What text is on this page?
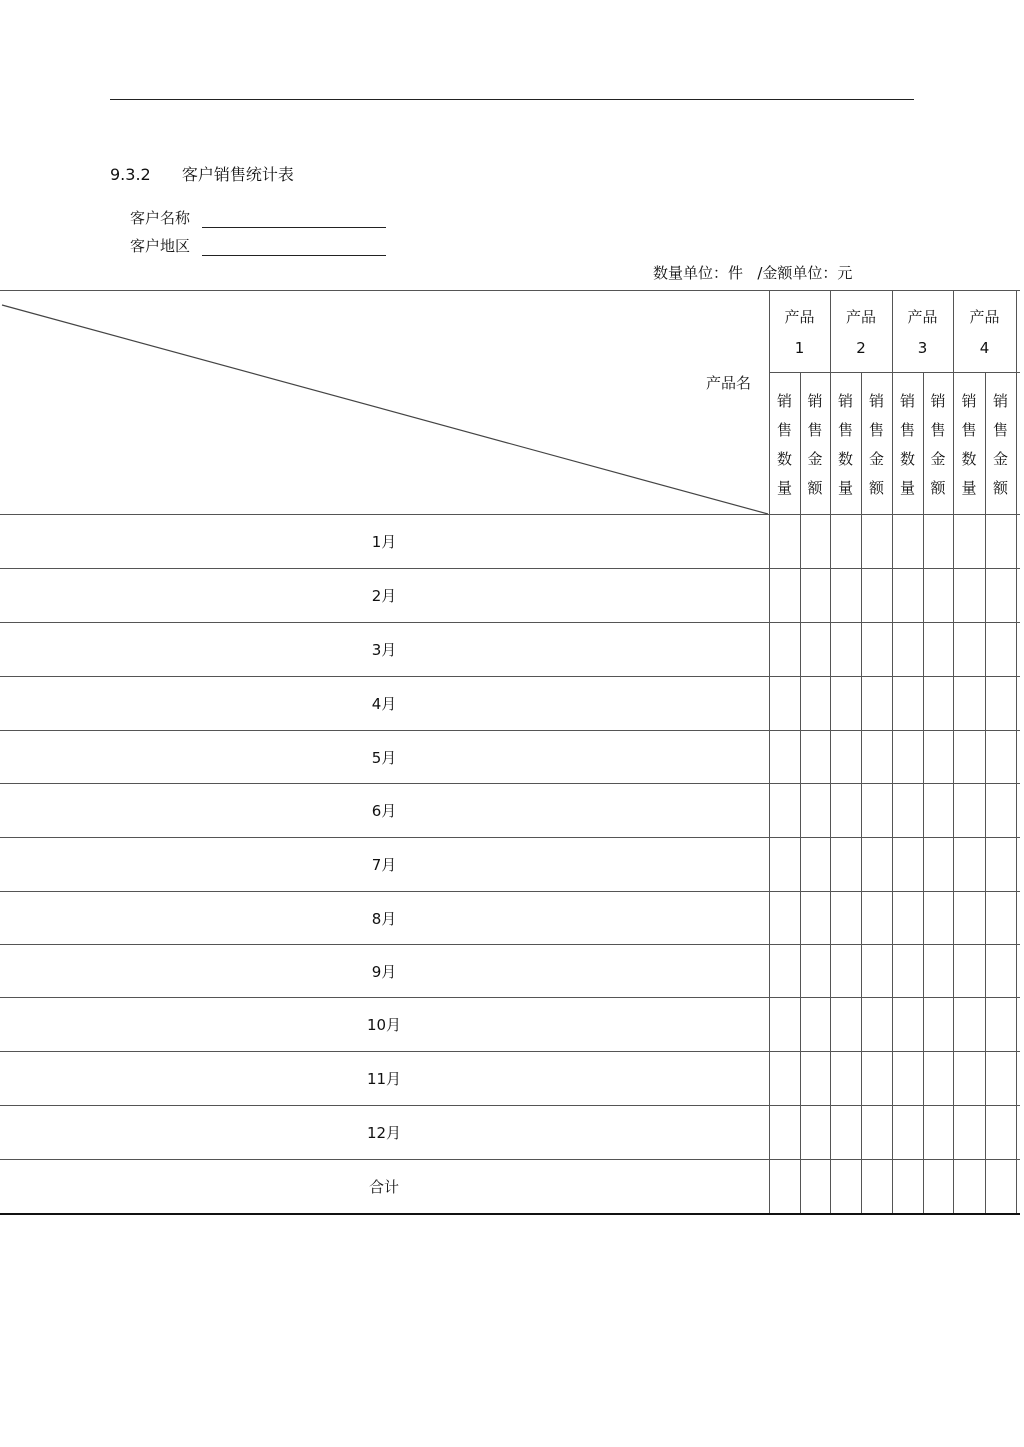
9.3.2 客户销售统计表
客户名称
客户地区
数量单位：件 /金额单位：元
产品名
产品
1
产品
2
产品
3
产品
4
销
售
数
量
销
售
金
额
销
售
数
量
销
售
金
额
销
售
数
量
销
售
金
额
销
售
数
量
销
售
金
额
1月
2月
3月
4月
5月
6月
7月
8月
9月
10月
11月
12月
合计
